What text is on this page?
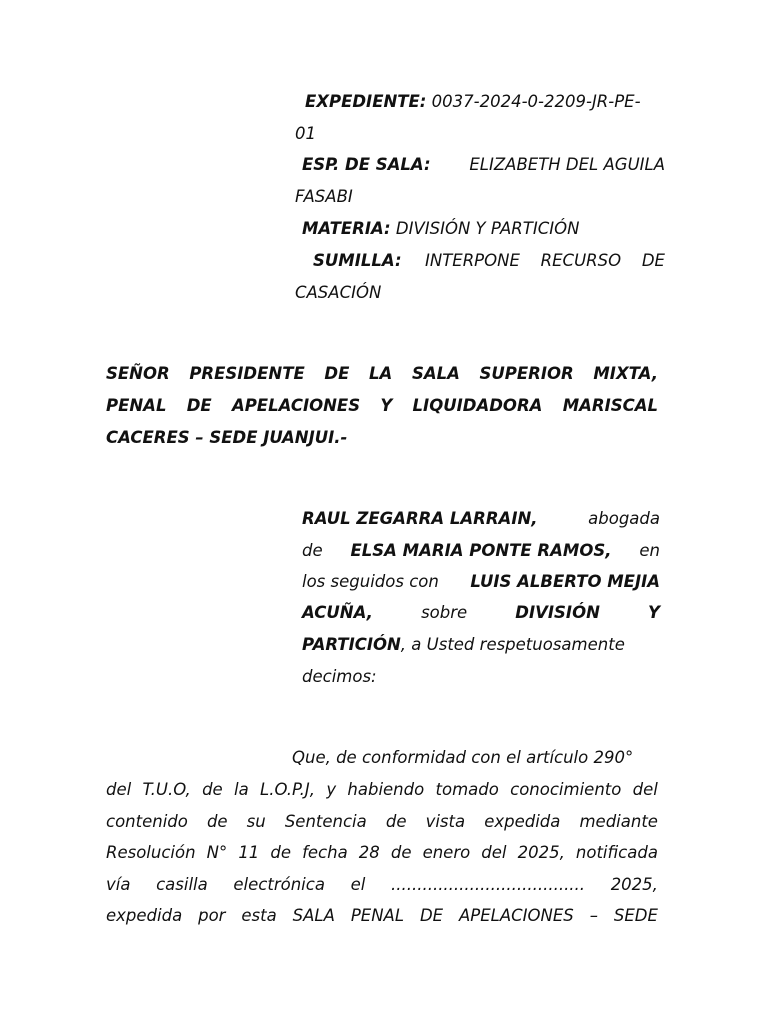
EXPEDIENTE: 0037-2024-0-2209-JR-PE-
01
ESP. DE SALA: ELIZABETH DEL AGUILA
FASABI
MATERIA: DIVISIÓN Y PARTICIÓN
SUMILLA: INTERPONE RECURSO DE
CASACIÓN
SEÑOR PRESIDENTE DE LA SALA SUPERIOR MIXTA,
PENAL DE APELACIONES Y LIQUIDADORA MARISCAL
CACERES – SEDE JUANJUI.-
RAUL ZEGARRA LARRAIN,	abogada
de ELSA MARIA PONTE RAMOS, en
los seguidos con LUIS ALBERTO MEJIA
ACUÑA,	sobre	DIVISIÓN	Y
PARTICIÓN, a Usted respetuosamente
decimos:
Que, de conformidad con el artículo 290°
del T.U.O, de la L.O.P.J, y habiendo tomado conocimiento del
contenido de su Sentencia de vista expedida mediante
Resolución N° 11 de fecha 28 de enero del 2025, notificada
vía casilla electrónica el ..................................... 2025,
expedida por esta SALA PENAL DE APELACIONES – SEDE
